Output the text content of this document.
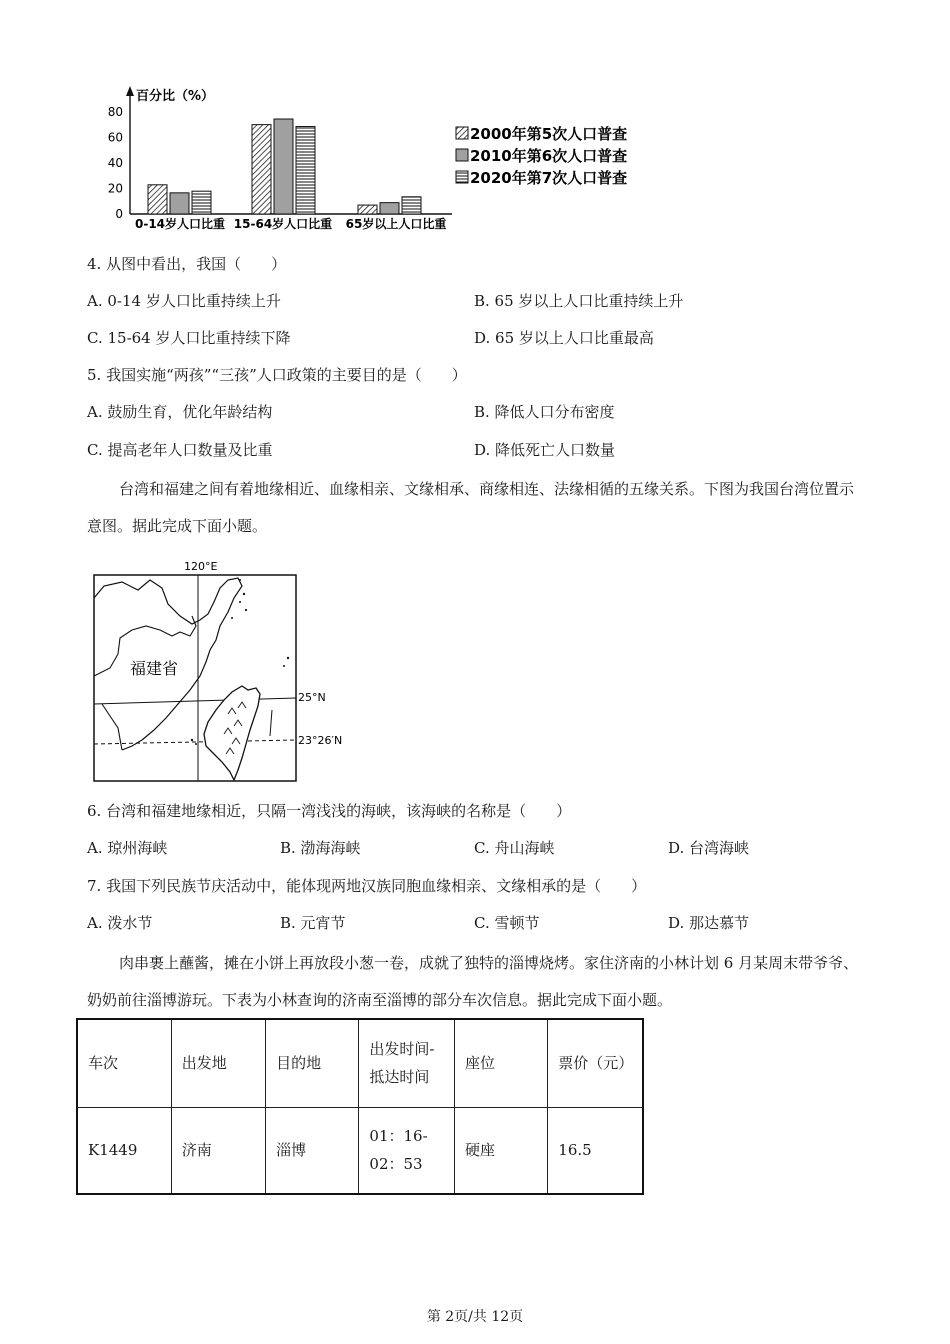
百分比（%）
0
20
40
60
80
0-14岁人口比重 15-64岁人口比重 65岁以上人口比重
2000年第5次人口普查
2010年第6次人口普查
2020年第7次人口普查
4. 从图中看出，我国（　　）
A. 0-14 岁人口比重持续上升	B. 65 岁以上人口比重持续上升
C. 15-64 岁人口比重持续下降	D. 65 岁以上人口比重最高
5. 我国实施“两孩”“三孩”人口政策的主要目的是（　　）
A. 鼓励生育，优化年龄结构	B. 降低人口分布密度
C. 提高老年人口数量及比重	D. 降低死亡人口数量
台湾和福建之间有着地缘相近、血缘相亲、文缘相承、商缘相连、法缘相循的五缘关系。下图为我国台湾位置示意图。据此完成下面小题。
120°E
25°N
23°26′N
福建省
6. 台湾和福建地缘相近，只隔一湾浅浅的海峡，该海峡的名称是（　　）
A. 琼州海峡	B. 渤海海峡	C. 舟山海峡	D. 台湾海峡
7. 我国下列民族节庆活动中，能体现两地汉族同胞血缘相亲、文缘相承的是（　　）
A. 泼水节	B. 元宵节	C. 雪顿节	D. 那达慕节
肉串裹上蘸酱，摊在小饼上再放段小葱一卷，成就了独特的淄博烧烤。家住济南的小林计划 6 月某周末带爷爷、奶奶前往淄博游玩。下表为小林查询的济南至淄博的部分车次信息。据此完成下面小题。
车次	出发地	目的地	出发时间-抵达时间	座位	票价（元）
K1449	济南	淄博	01：16-02：53	硬座	16.5
第 2页/共 12页
